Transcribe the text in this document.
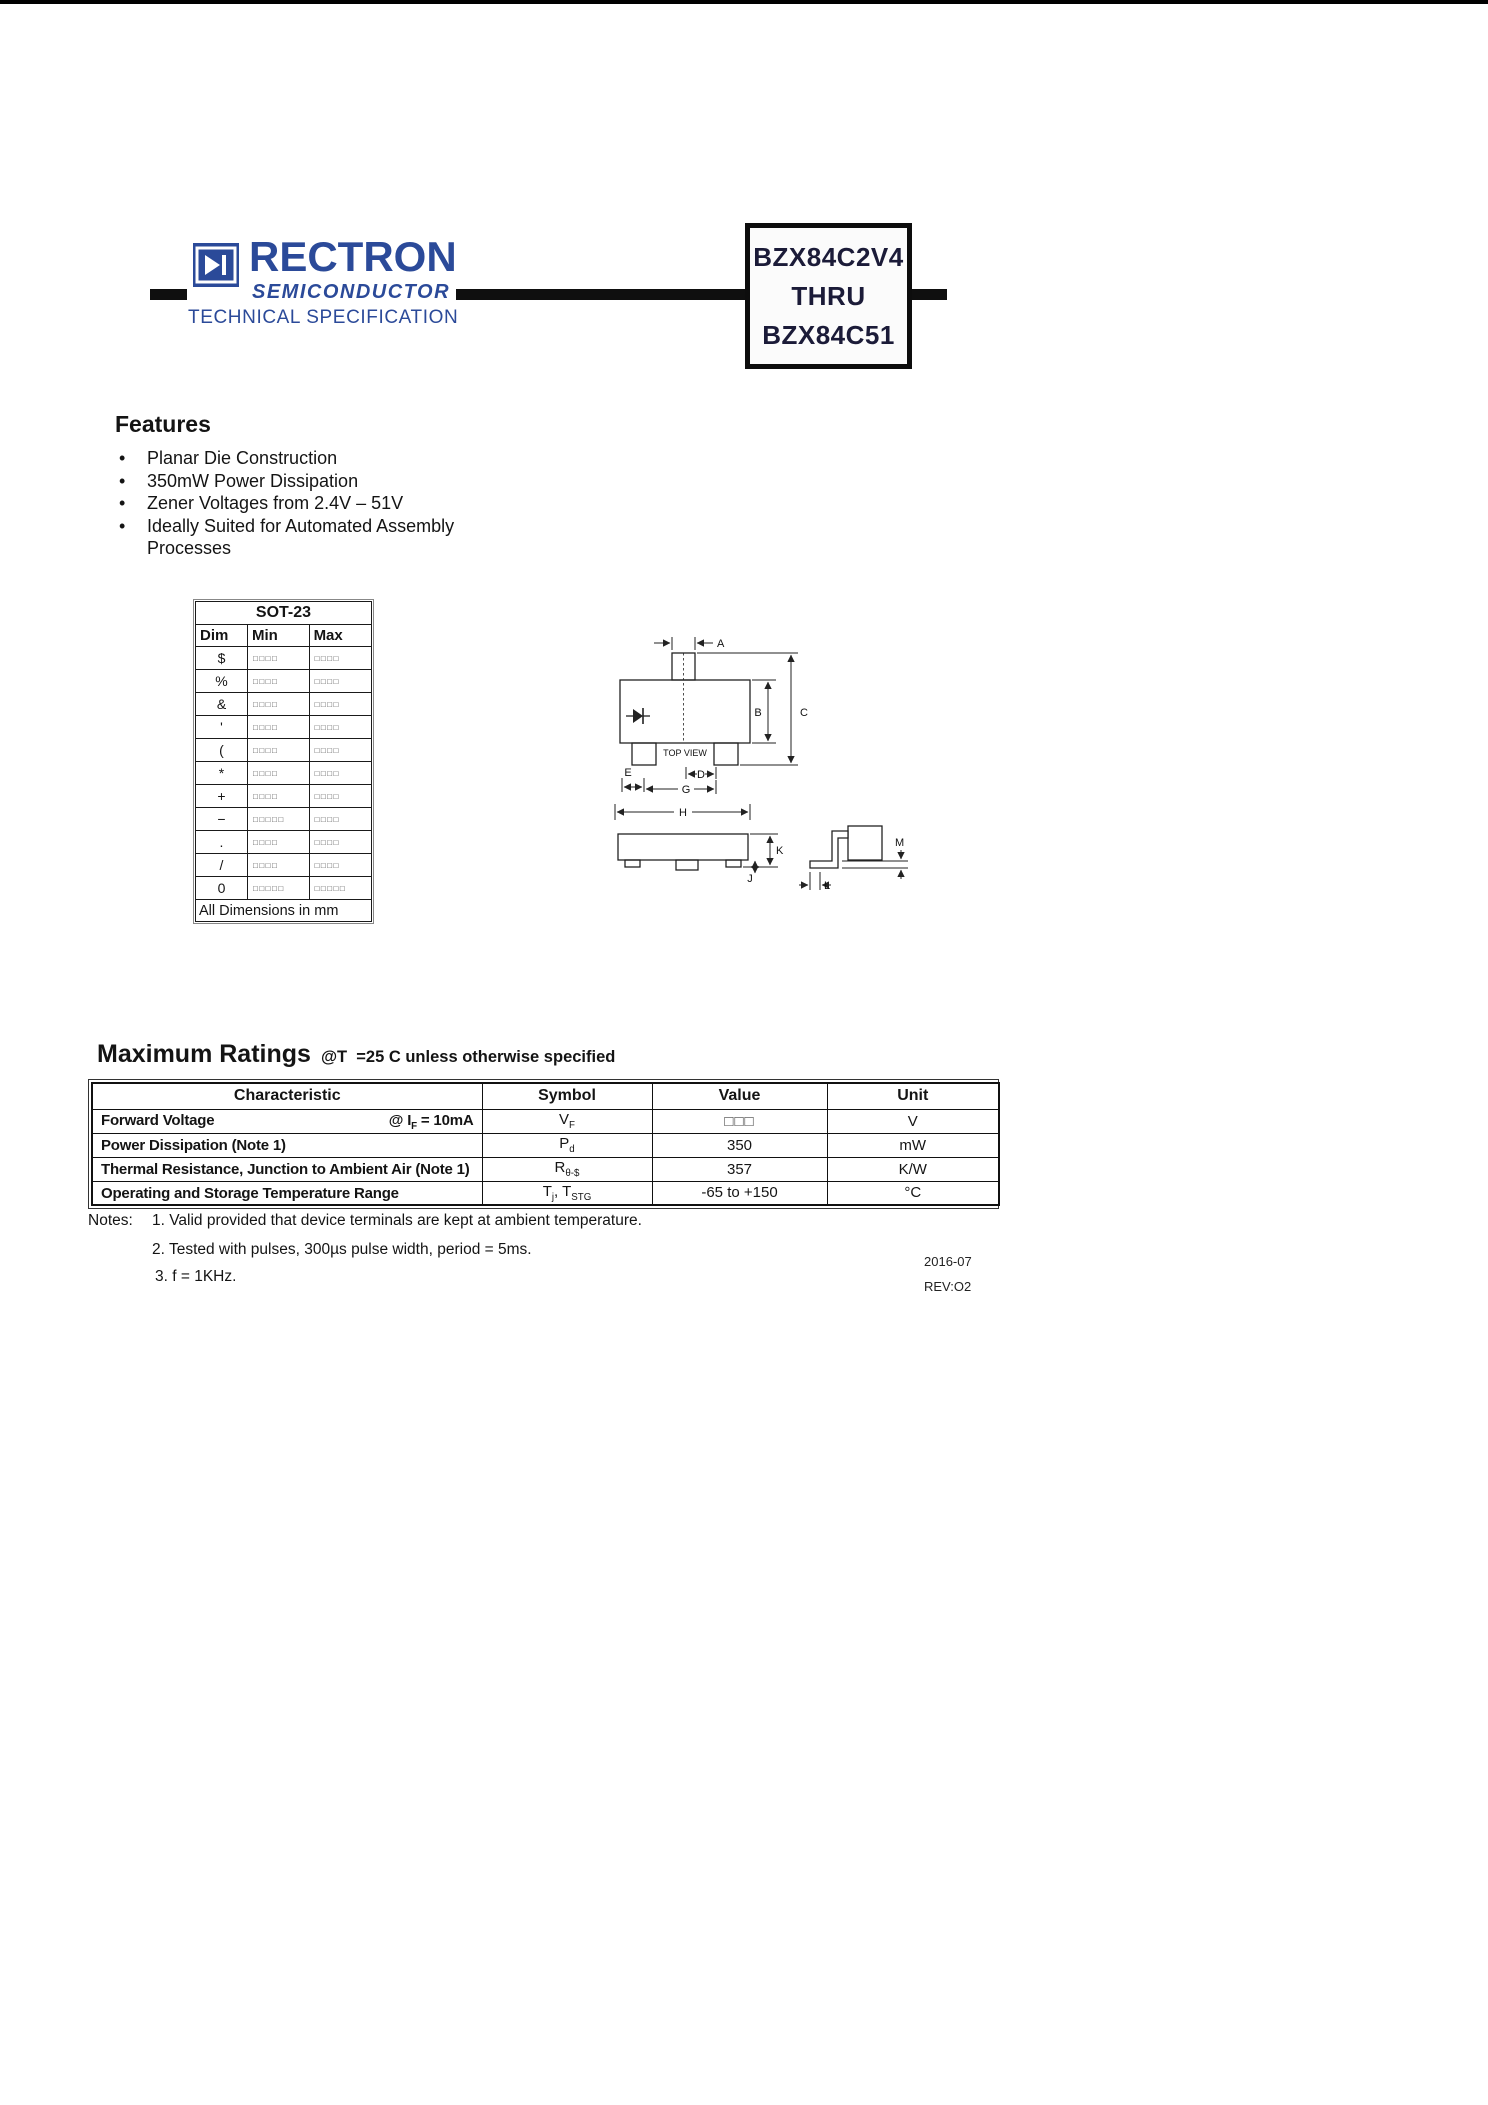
RECTRON
SEMICONDUCTOR
TECHNICAL SPECIFICATION
BZX84C2V4
THRU
BZX84C51
Features
•	Planar Die Construction
•	350mW Power Dissipation
•	Zener Voltages from 2.4V – 51V
•	Ideally Suited for Automated Assembly Processes
SOT-23		
Dim	Min	Max
$	□□□□	□□□□
%	□□□□	□□□□
&	□□□□	□□□□
'	□□□□	□□□□
(	□□□□	□□□□
*	□□□□	□□□□
+	□□□□	□□□□
−	□□□□□	□□□□
.	□□□□	□□□□
/	□□□□	□□□□
0	□□□□□	□□□□□
All Dimensions in mm		
A
B	C
D
E
G
H
J
K
L
M
TOP VIEW
Maximum Ratings @T  =25 C unless otherwise specified
Characteristic	Symbol	Value	Unit

@ $I_F = 10mA$
Forward Voltage	$V_F$	□□□	V
Power Dissipation (Note 1)	$P_d$	350	mW
Thermal Resistance, Junction to Ambient Air (Note 1)	$R_{\theta-\$}$	357	K/W
Operating and Storage Temperature Range	$T_j$, $T_{STG}$	-65 to +150	°C
Notes: 1. Valid provided that device terminals are kept at ambient temperature.
2. Tested with pulses, 300µs pulse width, period = 5ms.
3. f = 1KHz.
2016-07
REV:O2
